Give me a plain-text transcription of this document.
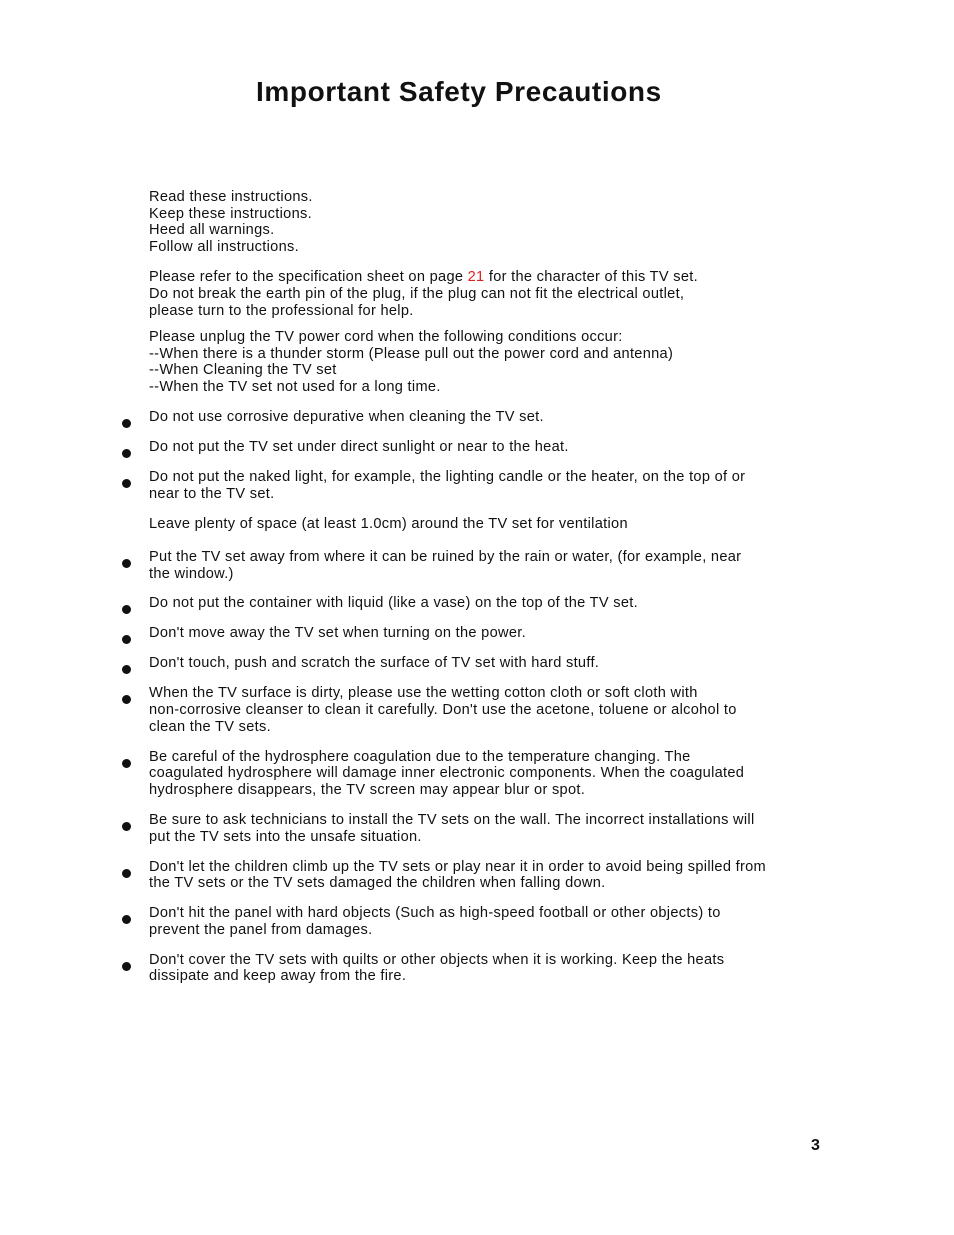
Important Safety Precautions
Read these instructions.
Keep these instructions.
Heed all warnings.
Follow all instructions.
Please refer to the specification sheet on page 21 for the character of this TV set.
Do not break the earth pin of the plug, if the plug can not fit the electrical outlet,
please turn to the professional for help.
Please unplug the TV power cord when the following conditions occur:
--When there is a thunder storm (Please pull out the power cord and antenna)
--When Cleaning the TV set
--When the TV set not used for a long time.
Do not use corrosive depurative when cleaning the TV set.
Do not put the TV set under direct sunlight or near to the heat.
Do not put the naked light, for example, the lighting candle or the heater, on the top of or
near to the TV set.
Leave plenty of space (at least 1.0cm) around the TV set for ventilation
Put the TV set away from where it can be ruined by the rain or water, (for example, near
the window.)
Do not put the container with liquid (like a vase) on the top of the TV set.
Don't move away the TV set when turning on the power.
Don't touch, push and scratch the surface of TV set with hard stuff.
When the TV surface is dirty, please use the wetting cotton cloth or soft cloth with
non-corrosive cleanser to clean it carefully. Don't use the acetone, toluene or alcohol to
clean the TV sets.
Be careful of the hydrosphere coagulation due to the temperature changing. The
coagulated hydrosphere will damage inner electronic components. When the coagulated
hydrosphere disappears, the TV screen may appear blur or spot.
Be sure to ask technicians to install the TV sets on the wall. The incorrect installations will
put the TV sets into the unsafe situation.
Don't let the children climb up the TV sets or play near it in order to avoid being spilled from
the TV sets or the TV sets damaged the children when falling down.
Don't hit the panel with hard objects (Such as high-speed football or other objects) to
prevent the panel from damages.
Don't cover the TV sets with quilts or other objects when it is working. Keep the heats
dissipate and keep away from the fire.
3
